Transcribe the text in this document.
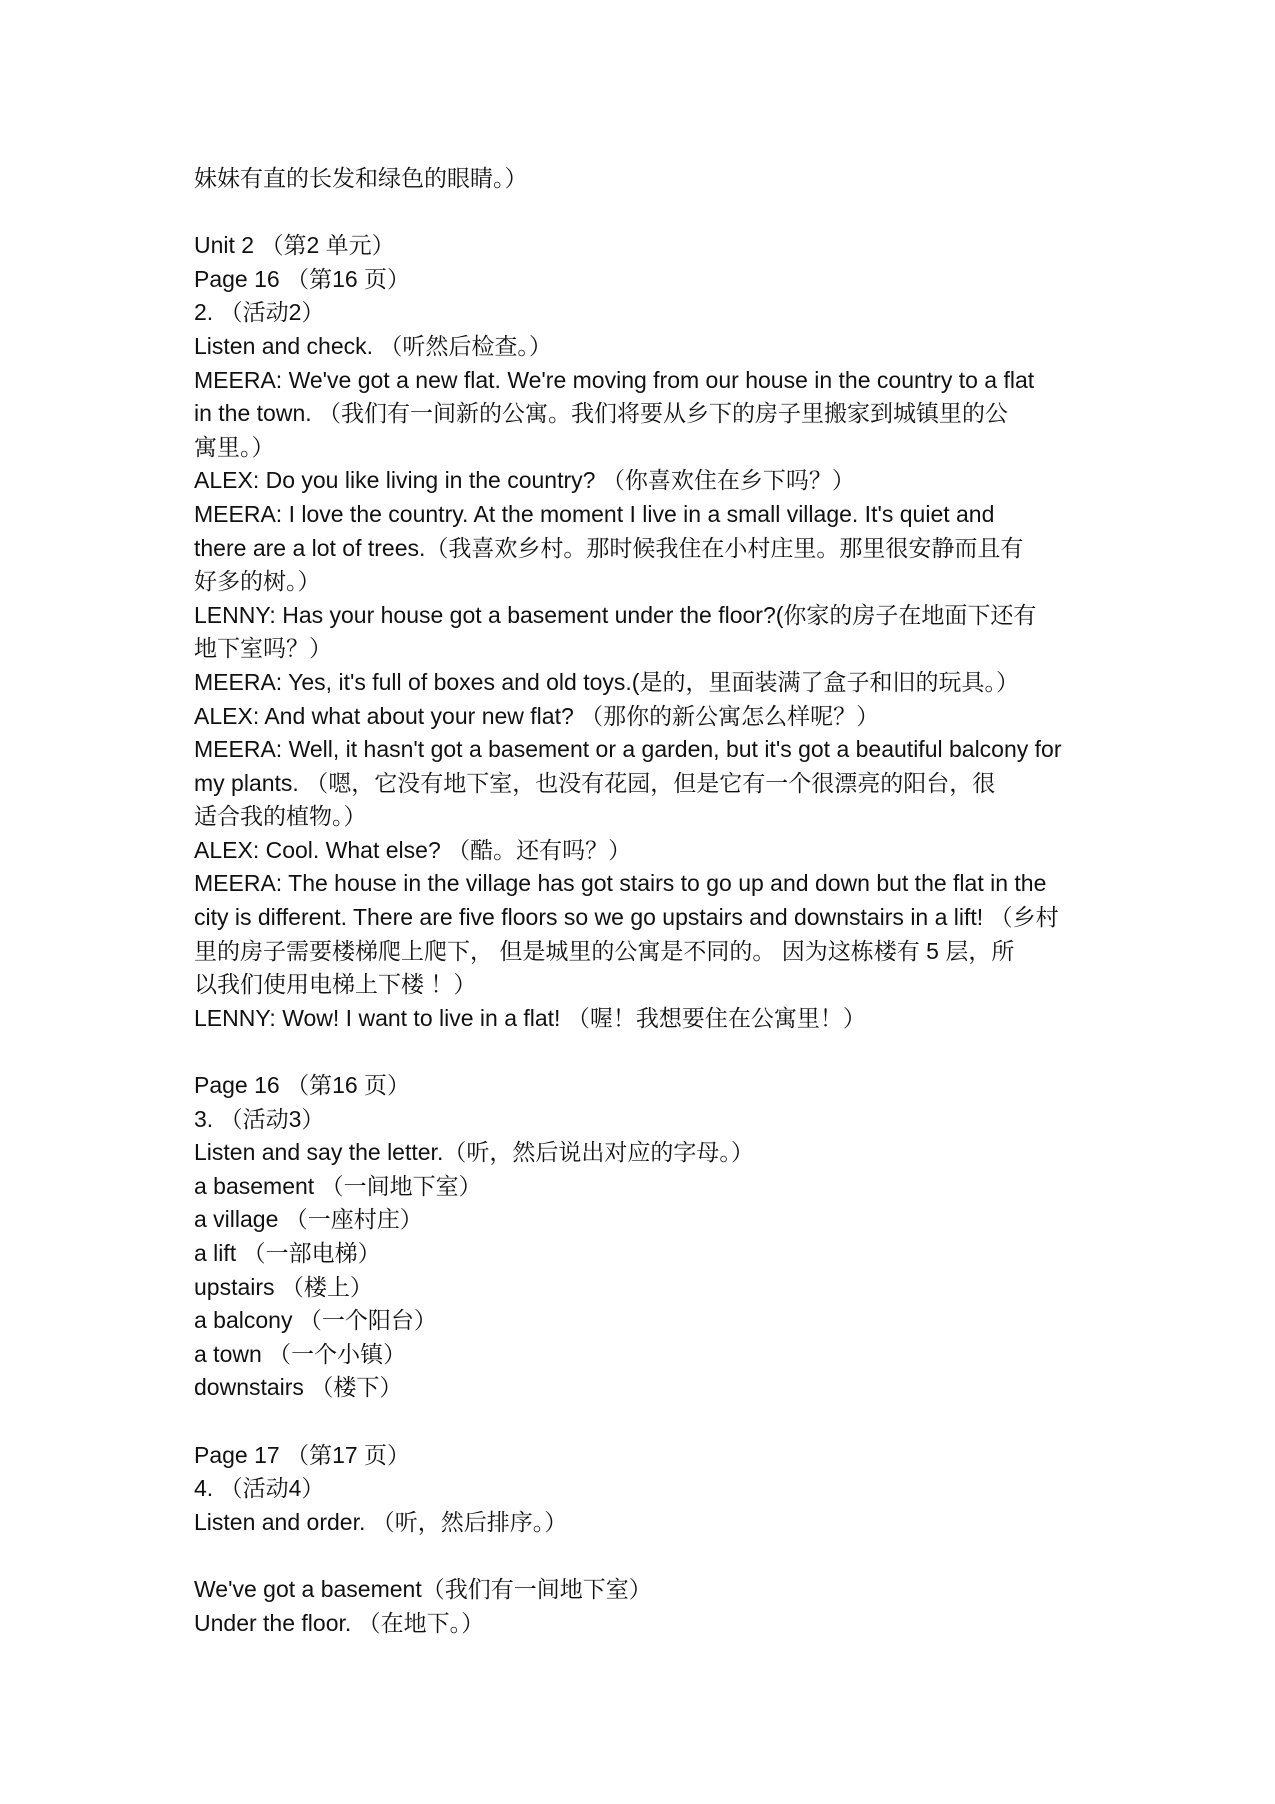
妹妹有直的长发和绿色的眼睛。）
Unit 2 （第2 单元）
Page 16 （第16 页）
2. （活动2）
Listen and check. （听然后检查。）
MEERA: We've got a new flat. We're moving from our house in the country to a flat
in the town. （我们有一间新的公寓。我们将要从乡下的房子里搬家到城镇里的公
寓里。）
ALEX: Do you like living in the country? （你喜欢住在乡下吗？）
MEERA: I love the country. At the moment I live in a small village. It's quiet and
there are a lot of trees.（我喜欢乡村。那时候我住在小村庄里。那里很安静而且有
好多的树。）
LENNY: Has your house got a basement under the floor?(你家的房子在地面下还有
地下室吗？）
MEERA: Yes, it's full of boxes and old toys.(是的，里面装满了盒子和旧的玩具。）
ALEX: And what about your new flat? （那你的新公寓怎么样呢？）
MEERA: Well, it hasn't got a basement or a garden, but it's got a beautiful balcony for
my plants. （嗯，它没有地下室，也没有花园，但是它有一个很漂亮的阳台，很
适合我的植物。）
ALEX: Cool. What else? （酷。还有吗？）
MEERA: The house in the village has got stairs to go up and down but the flat in the
city is different. There are five floors so we go upstairs and downstairs in a lift! （乡村
里的房子需要楼梯爬上爬下， 但是城里的公寓是不同的。 因为这栋楼有 5 层，所
以我们使用电梯上下楼 ！）
LENNY: Wow! I want to live in a flat! （喔！我想要住在公寓里！）
Page 16 （第16 页）
3. （活动3）
Listen and say the letter.（听，然后说出对应的字母。）
a basement （一间地下室）
a village （一座村庄）
a lift （一部电梯）
upstairs （楼上）
a balcony （一个阳台）
a town （一个小镇）
downstairs （楼下）
Page 17 （第17 页）
4. （活动4）
Listen and order. （听，然后排序。）
We've got a basement（我们有一间地下室）
Under the floor. （在地下。）
